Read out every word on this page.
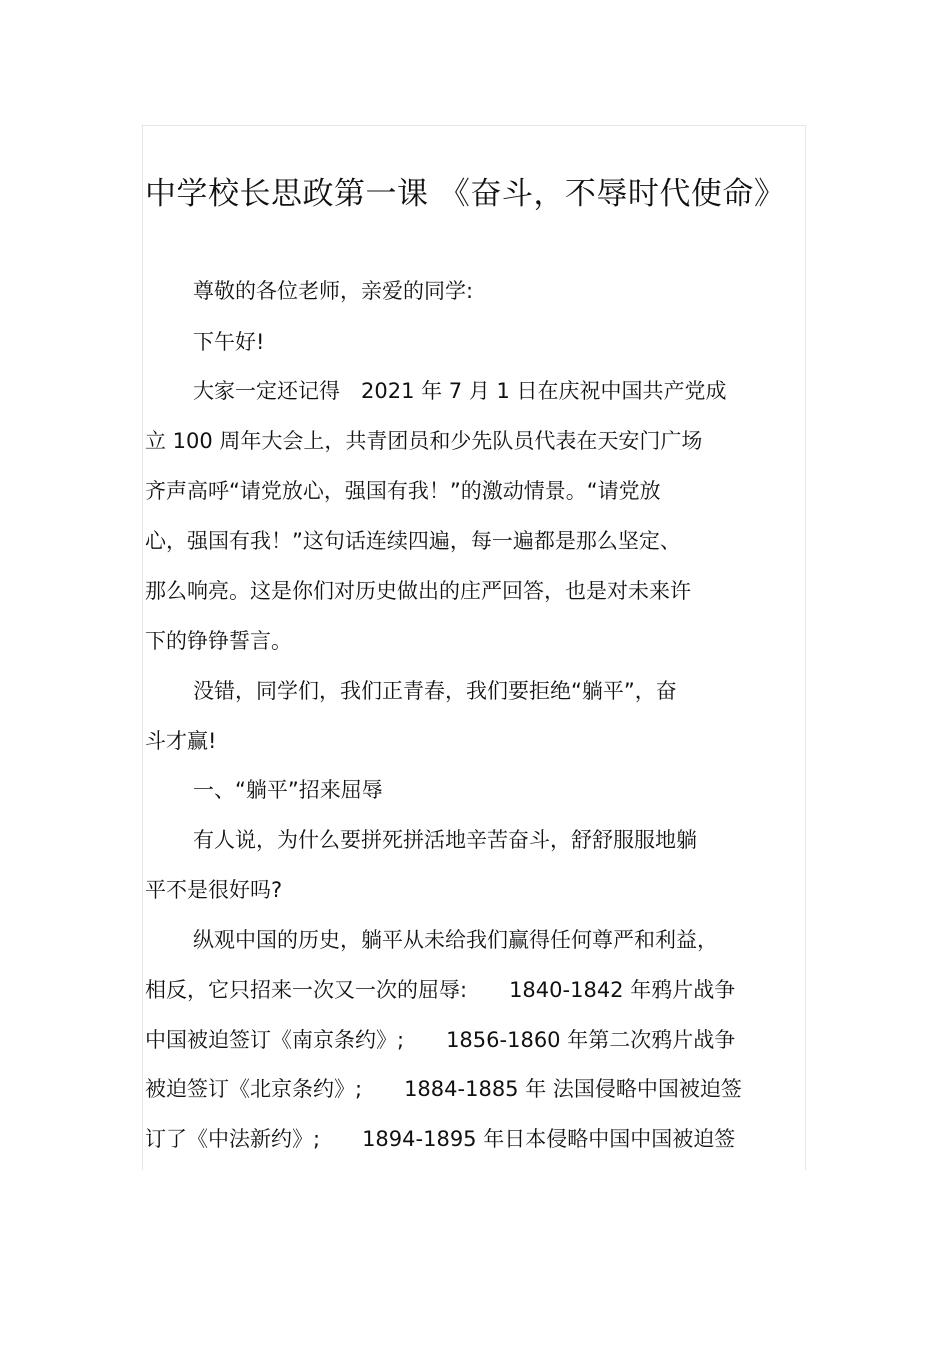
中学校长思政第一课 《奋斗，不辱时代使命》
尊敬的各位老师，亲爱的同学:
下午好!
大家一定还记得　2021 年 7 月 1 日在庆祝中国共产党成
立 100 周年大会上，共青团员和少先队员代表在天安门广场
齐声高呼“请党放心，强国有我！”的激动情景。“请党放
心，强国有我！”这句话连续四遍，每一遍都是那么坚定、
那么响亮。这是你们对历史做出的庄严回答，也是对未来许
下的铮铮誓言。
没错，同学们，我们正青春，我们要拒绝“躺平”，奋
斗才赢!
一、“躺平”招来屈辱
有人说，为什么要拼死拼活地辛苦奋斗，舒舒服服地躺
平不是很好吗?
纵观中国的历史，躺平从未给我们赢得任何尊严和利益，
相反，它只招来一次又一次的屈辱:　　1840-1842 年鸦片战争
中国被迫签订《南京条约》;　　1856-1860 年第二次鸦片战争
被迫签订《北京条约》;　　1884-1885 年 法国侵略中国被迫签
订了《中法新约》;　　1894-1895 年日本侵略中国中国被迫签
